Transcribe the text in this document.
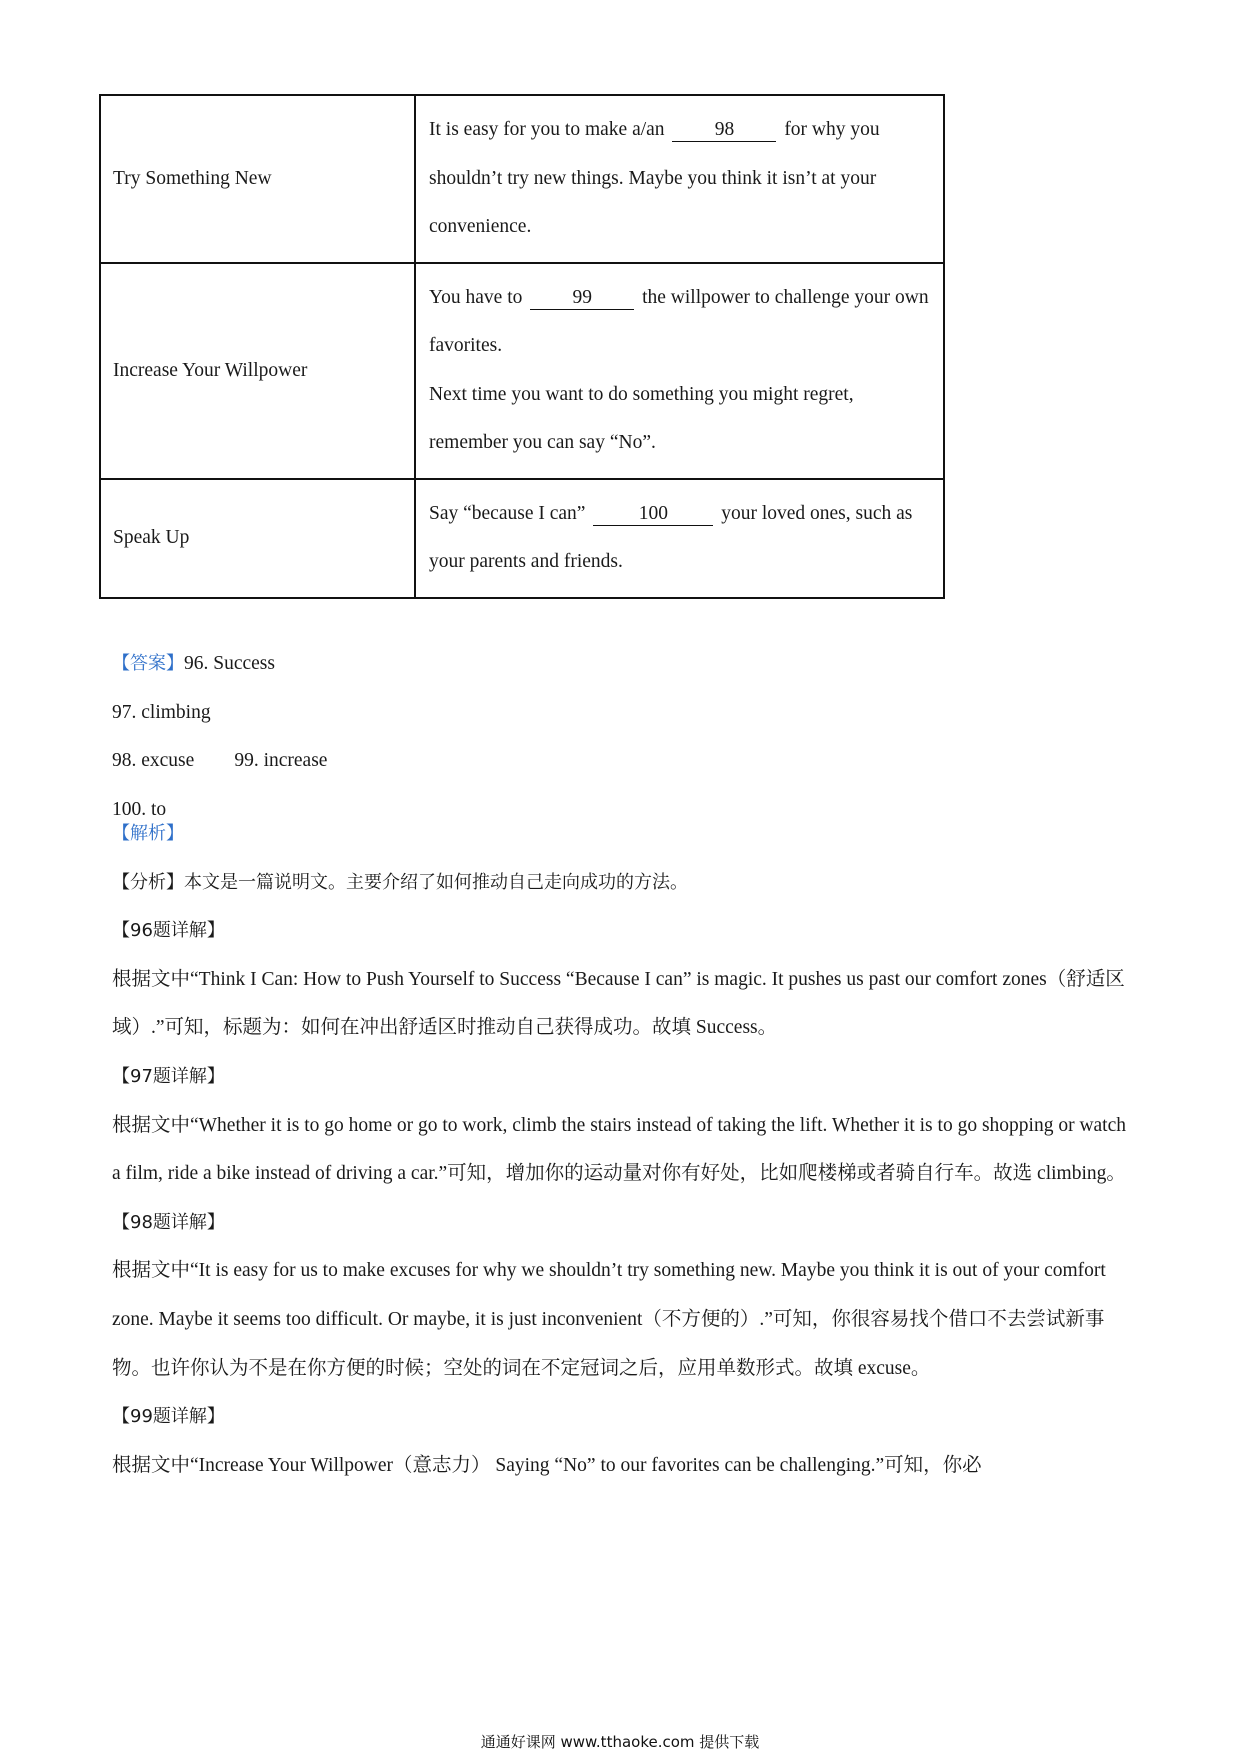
Try Something New	It is easy for you to make a/an 98 for why you shouldn’t try new things. Maybe you think it isn’t at your convenience.
Increase Your Willpower	You have to 99 the willpower to challenge your own favorites.
Next time you want to do something you might regret, remember you can say “No”.
Speak Up	Say “because I can” 100 your loved ones, such as your parents and friends.
【答案】96. Success
97. climbing
98. excuse 99. increase
100. to

【解析】

【分析】本文是一篇说明文。主要介绍了如何推动自己走向成功的方法。

【96题详解】

根据文中“Think I Can: How to Push Yourself to Success “Because I can” is magic. It pushes us past our comfort zones（舒适区域）.”可知，标题为：如何在冲出舒适区时推动自己获得成功。故填 Success。

【97题详解】

根据文中“Whether it is to go home or go to work, climb the stairs instead of taking the lift. Whether it is to go shopping or watch a film, ride a bike instead of driving a car.”可知，增加你的运动量对你有好处，比如爬楼梯或者骑自行车。故选 climbing。

【98题详解】

根据文中“It is easy for us to make excuses for why we shouldn’t try something new. Maybe you think it is out of your comfort zone. Maybe it seems too difficult. Or maybe, it is just inconvenient（不方便的）.”可知，你很容易找个借口不去尝试新事物。也许你认为不是在你方便的时候；空处的词在不定冠词之后，应用单数形式。故填 excuse。

【99题详解】

根据文中“Increase Your Willpower（意志力） Saying “No” to our favorites can be challenging.”可知，你必

通通好课网 www.tthaoke.com 提供下载
